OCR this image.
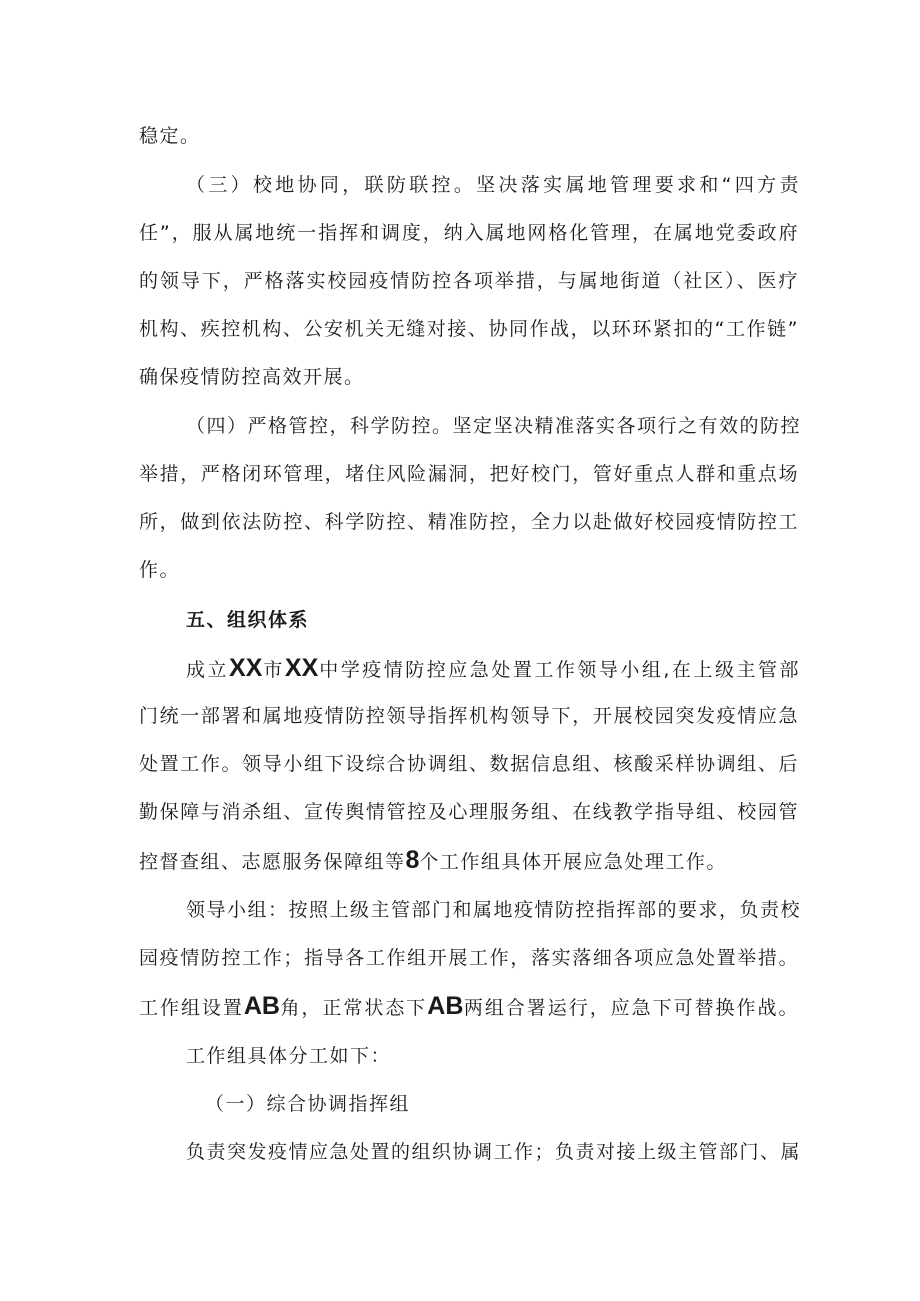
稳定。
（三）校地协同，联防联控。坚决落实属地管理要求和“四方责
任”，服从属地统一指挥和调度，纳入属地网格化管理，在属地党委政府
的领导下，严格落实校园疫情防控各项举措，与属地街道（社区）、医疗
机构、疾控机构、公安机关无缝对接、协同作战，以环环紧扣的“工作链”
确保疫情防控高效开展。
（四）严格管控，科学防控。坚定坚决精准落实各项行之有效的防控
举措，严格闭环管理，堵住风险漏洞，把好校门，管好重点人群和重点场
所，做到依法防控、科学防控、精准防控，全力以赴做好校园疫情防控工
作。
五、组织体系
成立XX市XX中学疫情防控应急处置工作领导小组,在上级主管部
门统一部署和属地疫情防控领导指挥机构领导下，开展校园突发疫情应急
处置工作。领导小组下设综合协调组、数据信息组、核酸采样协调组、后
勤保障与消杀组、宣传舆情管控及心理服务组、在线教学指导组、校园管
控督查组、志愿服务保障组等8个工作组具体开展应急处理工作。
领导小组：按照上级主管部门和属地疫情防控指挥部的要求，负责校
园疫情防控工作；指导各工作组开展工作，落实落细各项应急处置举措。
工作组设置AB角，正常状态下AB两组合署运行，应急下可替换作战。
工作组具体分工如下：
（一）综合协调指挥组
负责突发疫情应急处置的组织协调工作；负责对接上级主管部门、属
